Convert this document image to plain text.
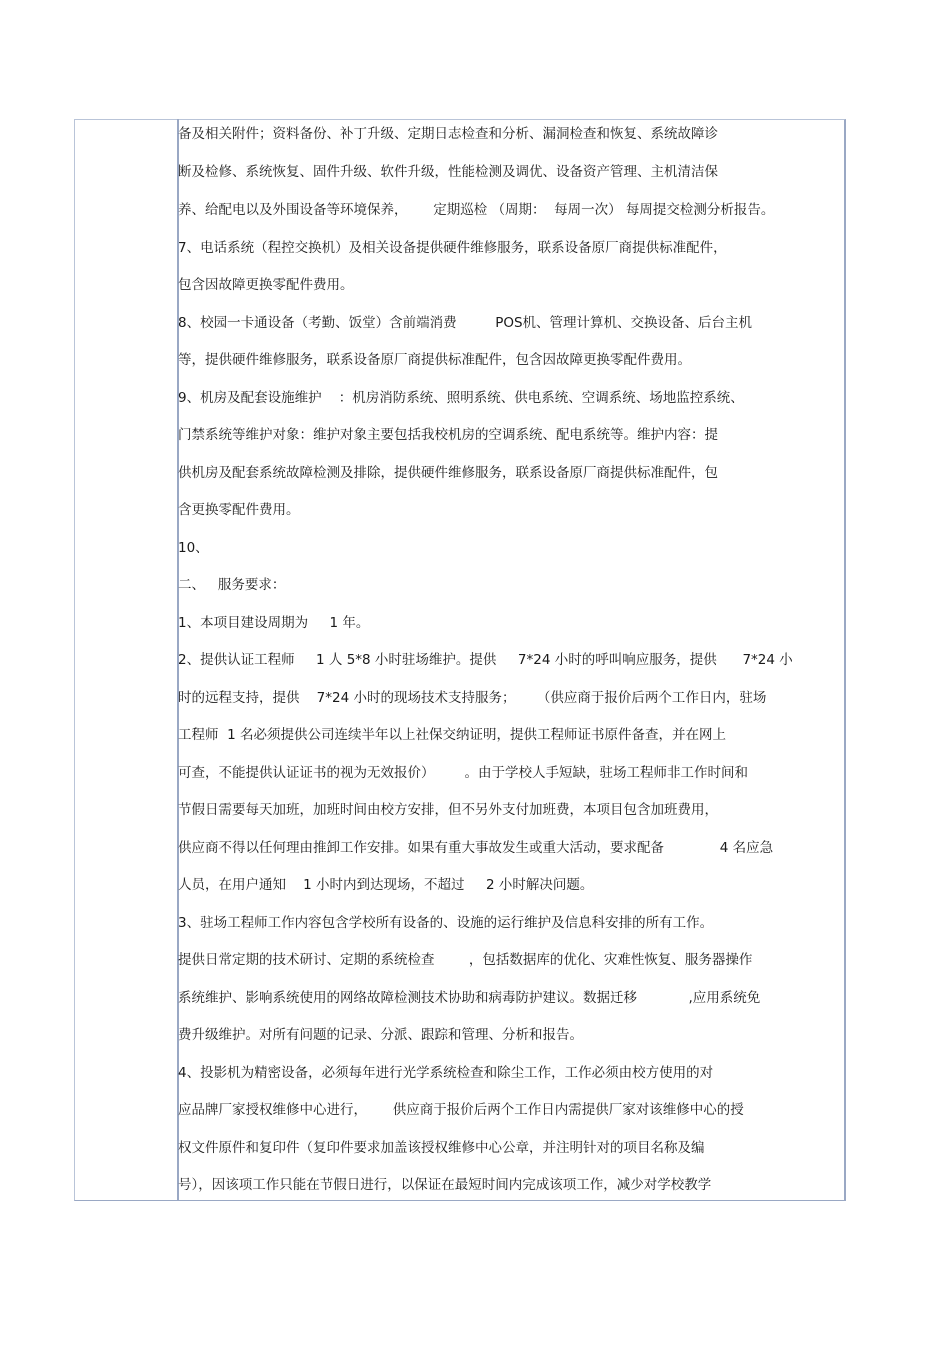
备及相关附件；资料备份、补丁升级、定期日志检查和分析、漏洞检查和恢复、系统故障诊
断及检修、系统恢复、固件升级、软件升级，性能检测及调优、设备资产管理、主机清洁保
养、给配电以及外围设备等环境保养，      定期巡检 （周期：  每周一次） 每周提交检测分析报告。
7、电话系统（程控交换机）及相关设备提供硬件维修服务，联系设备原厂商提供标准配件，
包含因故障更换零配件费用。
8、校园一卡通设备（考勤、饭堂）含前端消费         POS机、管理计算机、交换设备、后台主机
等，提供硬件维修服务，联系设备原厂商提供标准配件，包含因故障更换零配件费用。
9、机房及配套设施维护    ：机房消防系统、照明系统、供电系统、空调系统、场地监控系统、
门禁系统等维护对象：维护对象主要包括我校机房的空调系统、配电系统等。维护内容：提
供机房及配套系统故障检测及排除，提供硬件维修服务，联系设备原厂商提供标准配件，包
含更换零配件费用。
10、
二、   服务要求：
1、本项目建设周期为     1 年。
2、提供认证工程师     1 人 5*8 小时驻场维护。提供     7*24 小时的呼叫响应服务，提供      7*24 小
时的远程支持，提供    7*24 小时的现场技术支持服务；     （供应商于报价后两个工作日内，驻场
工程师  1 名必须提供公司连续半年以上社保交纳证明，提供工程师证书原件备查，并在网上
可查，不能提供认证证书的视为无效报价）       。由于学校人手短缺，驻场工程师非工作时间和
节假日需要每天加班，加班时间由校方安排，但不另外支付加班费，本项目包含加班费用，
供应商不得以任何理由推卸工作安排。如果有重大事故发生或重大活动，要求配备             4 名应急
人员，在用户通知    1 小时内到达现场，不超过     2 小时解决问题。
3、驻场工程师工作内容包含学校所有设备的、设施的运行维护及信息科安排的所有工作。
提供日常定期的技术研讨、定期的系统检查        ，包括数据库的优化、灾难性恢复、服务器操作
系统维护、影响系统使用的网络故障检测技术协助和病毒防护建议。数据迁移            ,应用系统免
费升级维护。对所有问题的记录、分派、跟踪和管理、分析和报告。
4、投影机为精密设备，必须每年进行光学系统检查和除尘工作，工作必须由校方使用的对
应品牌厂家授权维修中心进行，      供应商于报价后两个工作日内需提供厂家对该维修中心的授
权文件原件和复印件（复印件要求加盖该授权维修中心公章，并注明针对的项目名称及编
号），因该项工作只能在节假日进行，以保证在最短时间内完成该项工作，减少对学校教学
